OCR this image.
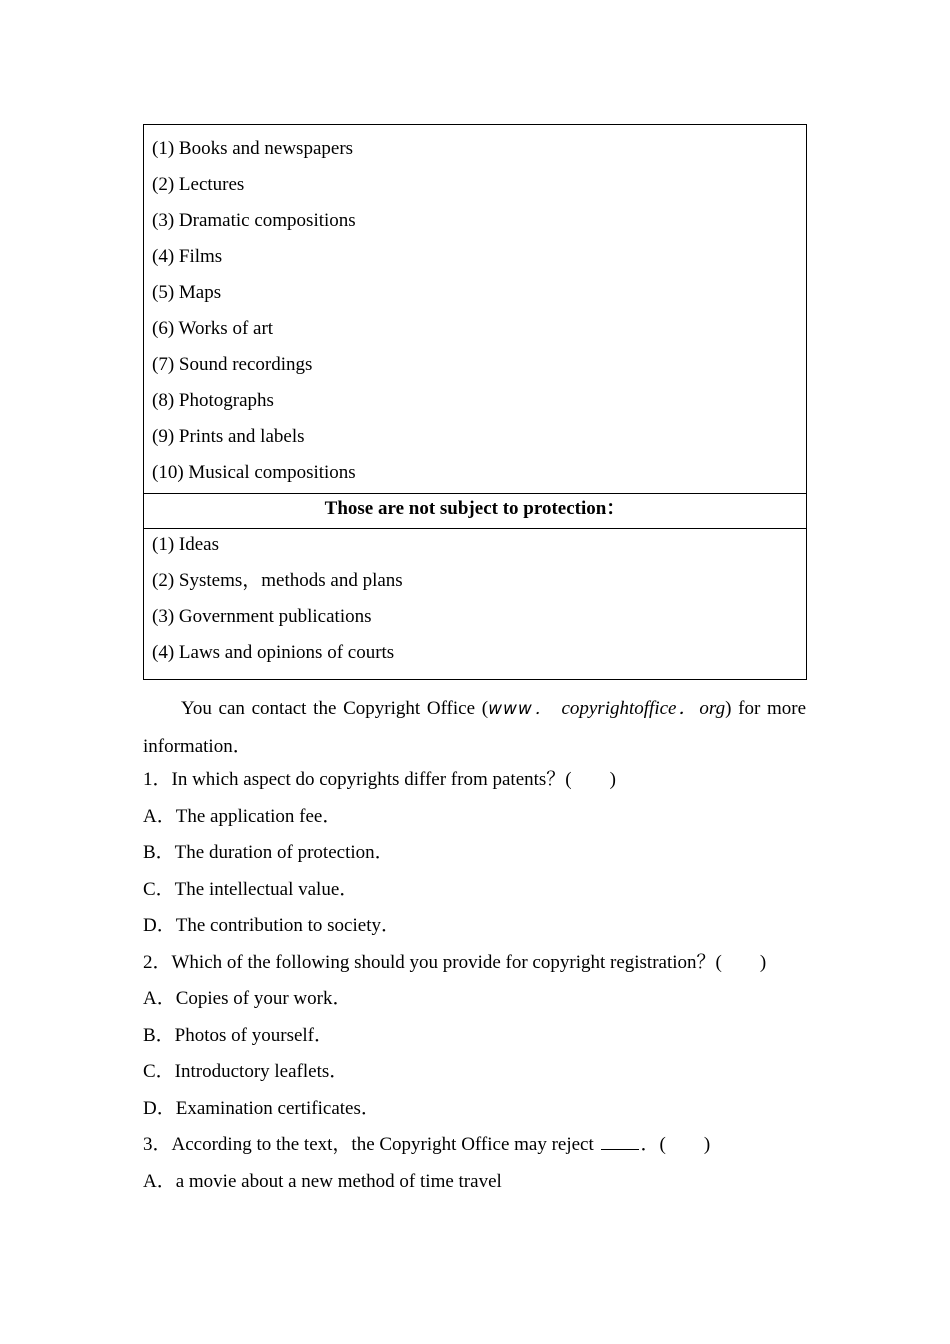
(1) Books and newspapers
(2) Lectures
(3) Dramatic compositions
(4) Films
(5) Maps
(6) Works of art
(7) Sound recordings
(8) Photographs
(9) Prints and labels
(10) Musical compositions
Those are not subject to protection：
(1) Ideas
(2) Systems，methods and plans
(3) Government publications
(4) Laws and opinions of courts
You can contact the Copyright Office (www． copyrightoffice．org) for more information．
1．In which aspect do copyrights differ from patents？(　　)
A．The application fee．
B．The duration of protection．
C．The intellectual value．
D．The contribution to society．
2．Which of the following should you provide for copyright registration？(　　)
A．Copies of your work．
B．Photos of yourself．
C．Introductory leaflets．
D．Examination certificates．
3．According to the text，the Copyright Office may reject ．(　　)
A．a movie about a new method of time travel
